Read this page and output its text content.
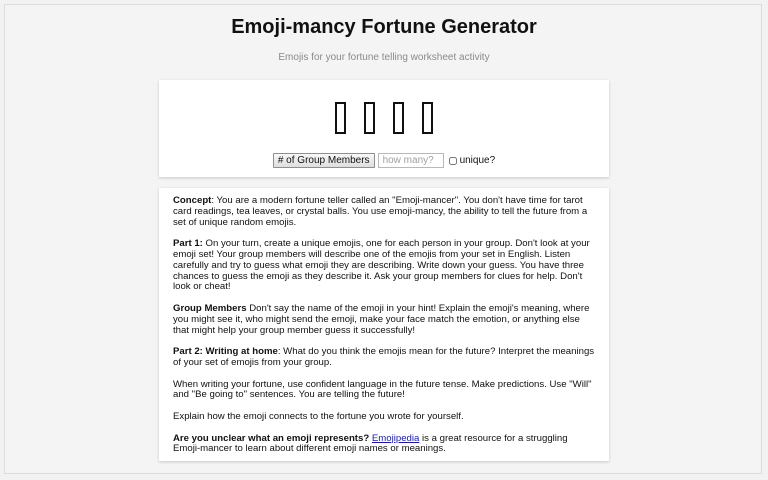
Emoji-mancy Fortune Generator

Emojis for your fortune telling worksheet activity

# of Group Members
how many?	unique?

Concept: You are a modern fortune teller called an "Emoji-mancer". You don't have time for tarot card readings, tea leaves, or crystal balls. You use emoji-mancy, the ability to tell the future from a set of unique random emojis.

Part 1: On your turn, create a unique emojis, one for each person in your group. Don't look at your emoji set! Your group members will describe one of the emojis from your set in English. Listen carefully and try to guess what emoji they are describing. Write down your guess. You have three chances to guess the emoji as they describe it. Ask your group members for clues for help. Don't look or cheat!

Group Members Don't say the name of the emoji in your hint! Explain the emoji's meaning, where you might see it, who might send the emoji, make your face match the emotion, or anything else that might help your group member guess it successfully!

Part 2: Writing at home: What do you think the emojis mean for the future? Interpret the meanings of your set of emojis from your group.

When writing your fortune, use confident language in the future tense. Make predictions. Use "Will" and "Be going to" sentences. You are telling the future!

Explain how the emoji connects to the fortune you wrote for yourself.

Are you unclear what an emoji represents? Emojipedia is a great resource for a struggling Emoji-mancer to learn about different emoji names or meanings.
